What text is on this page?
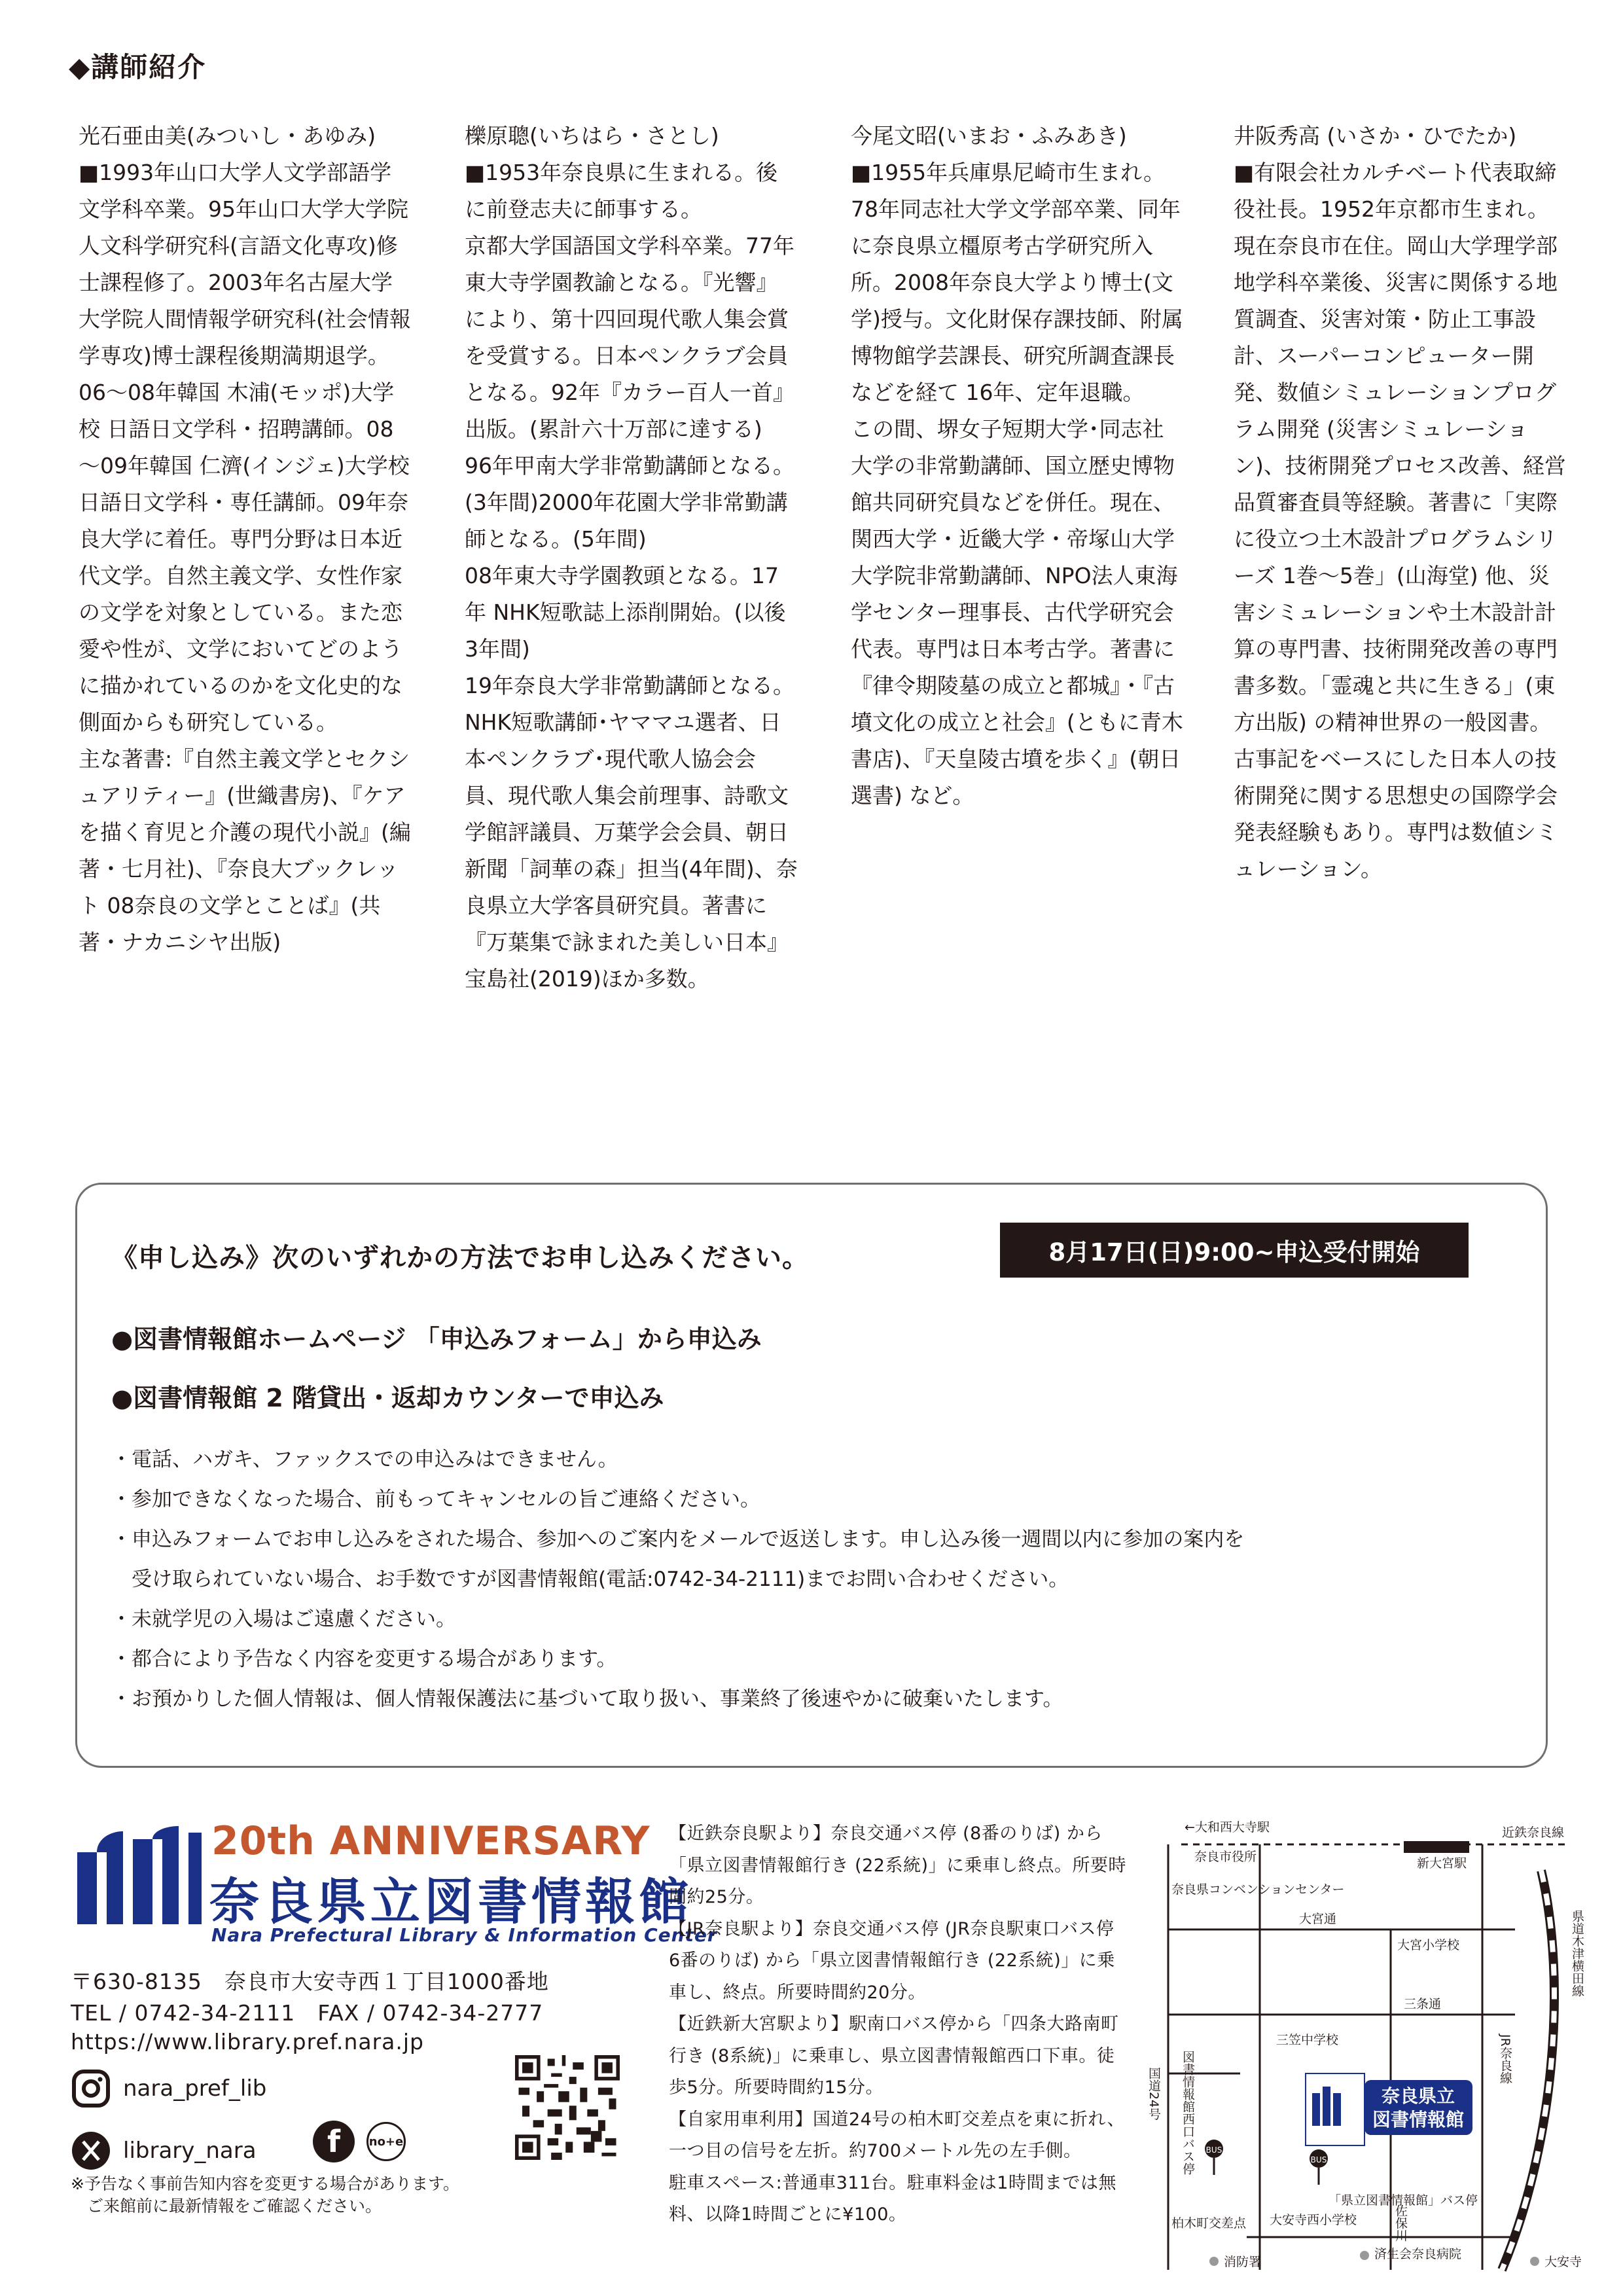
◆講師紹介

光石亜由美(みついし・あゆみ)

■1993年山口大学人文学部語学文学科卒業。95年山口大学大学院人文科学研究科(言語文化専攻)修士課程修了。2003年名古屋大学大学院人間情報学研究科(社会情報学専攻)博士課程後期満期退学。06～08年韓国 木浦(モッポ)大学校 日語日文学科・招聘講師。08～09年韓国 仁濟(インジェ)大学校 日語日文学科・専任講師。09年奈良大学に着任。専門分野は日本近代文学。自然主義文学、女性作家の文学を対象としている。また恋愛や性が、文学においてどのように描かれているのかを文化史的な側面からも研究している。

主な著書:『自然主義文学とセクシュアリティー』(世織書房)、『ケアを描く育児と介護の現代小説』(編著・七月社)、『奈良大ブックレット 08奈良の文学とことば』(共著・ナカニシヤ出版)

櫟原聰(いちはら・さとし)

■1953年奈良県に生まれる。後に前登志夫に師事する。

京都大学国語国文学科卒業。77年東大寺学園教諭となる。『光響』により、第十四回現代歌人集会賞を受賞する。日本ペンクラブ会員となる。92年『カラー百人一首』出版。(累計六十万部に達する)

96年甲南大学非常勤講師となる。(3年間)2000年花園大学非常勤講師となる。(5年間)

08年東大寺学園教頭となる。17年 NHK短歌誌上添削開始。(以後 3年間)

19年奈良大学非常勤講師となる。NHK短歌講師･ヤママユ選者、日本ペンクラブ･現代歌人協会会員、現代歌人集会前理事、詩歌文学館評議員、万葉学会会員、朝日新聞「詞華の森」担当(4年間)、奈良県立大学客員研究員。著書に『万葉集で詠まれた美しい日本』宝島社(2019)ほか多数。

今尾文昭(いまお・ふみあき)

■1955年兵庫県尼崎市生まれ。78年同志社大学文学部卒業、同年に奈良県立橿原考古学研究所入所。2008年奈良大学より博士(文学)授与。文化財保存課技師、附属博物館学芸課長、研究所調査課長などを経て 16年、定年退職。

この間、堺女子短期大学･同志社大学の非常勤講師、国立歴史博物館共同研究員などを併任。現在、関西大学・近畿大学・帝塚山大学大学院非常勤講師、NPO法人東海学センター理事長、古代学研究会代表。専門は日本考古学。著書に『律令期陵墓の成立と都城』・『古墳文化の成立と社会』(ともに青木書店)、『天皇陵古墳を歩く』(朝日選書) など。

井阪秀高 (いさか・ひでたか)

■有限会社カルチベート代表取締役社長。1952年京都市生まれ。現在奈良市在住。岡山大学理学部地学科卒業後、災害に関係する地質調査、災害対策・防止工事設計、スーパーコンピューター開発、数値シミュレーションプログラム開発 (災害シミュレーション)、技術開発プロセス改善、経営品質審査員等経験。著書に「実際に役立つ土木設計プログラムシリーズ 1巻～5巻」(山海堂) 他、災害シミュレーションや土木設計計算の専門書、技術開発改善の専門書多数。「霊魂と共に生きる」(東方出版) の精神世界の一般図書。古事記をベースにした日本人の技術開発に関する思想史の国際学会発表経験もあり。専門は数値シミュレーション。

《申し込み》次のいずれかの方法でお申し込みください。	8月17日(日)9:00~申込受付開始
●図書情報館ホームページ 「申込みフォーム」から申込み
●図書情報館 2 階貸出・返却カウンターで申込み
・電話、ハガキ、ファックスでの申込みはできません。
・参加できなくなった場合、前もってキャンセルの旨ご連絡ください。
・申込みフォームでお申し込みをされた場合、参加へのご案内をメールで返送します。申し込み後一週間以内に参加の案内を
　受け取られていない場合、お手数ですが図書情報館(電話:0742-34-2111)までお問い合わせください。
・未就学児の入場はご遠慮ください。
・都合により予告なく内容を変更する場合があります。
・お預かりした個人情報は、個人情報保護法に基づいて取り扱い、事業終了後速やかに破棄いたします。
20th ANNIVERSARY
奈良県立図書情報館
Nara Prefectural Library & Information Center
〒630-8135　奈良市大安寺西１丁目1000番地
TEL / 0742-34-2111　FAX / 0742-34-2777
https://www.library.pref.nara.jp
nara_pref_lib
library_nara	f	no+e
※予告なく事前告知内容を変更する場合があります。
　ご来館前に最新情報をご確認ください。

【近鉄奈良駅より】奈良交通バス停 (8番のりば) から「県立図書情報館行き (22系統)」に乗車し終点。所要時間約25分。

【JR奈良駅より】奈良交通バス停 (JR奈良駅東口バス停 6番のりば) から「県立図書情報館行き (22系統)」に乗車し、終点。所要時間約20分。

【近鉄新大宮駅より】駅南口バス停から「四条大路南町行き (8系統)」に乗車し、県立図書情報館西口下車。徒歩5分。所要時間約15分。

【自家用車利用】国道24号の柏木町交差点を東に折れ、一つ目の信号を左折。約700メートル先の左手側。

駐車スペース:普通車311台。駐車料金は1時間までは無料、以降1時間ごとに¥100。

奈良県立
図書情報館
BUS
BUS
←大和西大寺駅
奈良市役所
近鉄奈良線
新大宮駅
奈良県コンベンションセンター
大宮通
大宮小学校
三条通
三笠中学校
国道24号 図書情報館西口バス停
「県立図書情報館」バス停
JR奈良線
県道木津横田線
大安寺西小学校
柏木町交差点	佐保川
消防署
済生会奈良病院
大安寺
